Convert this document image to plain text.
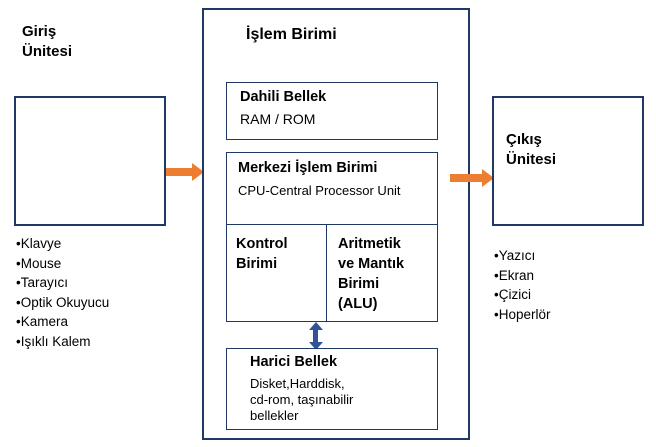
Giriş
Ünitesi
•Klavye
•Mouse
•Tarayıcı
•Optik Okuyucu
•Kamera
•Işıklı Kalem
İşlem Birimi
Dahili Bellek
RAM / ROM
Merkezi İşlem Birimi
CPU-Central Processor Unit
Kontrol
Birimi
Aritmetik
ve Mantık
Birimi
(ALU)
Harici Bellek
Disket,Harddisk,
cd-rom, taşınabilir
bellekler
Çıkış
Ünitesi
•Yazıcı
•Ekran
•Çizici
•Hoperlör
